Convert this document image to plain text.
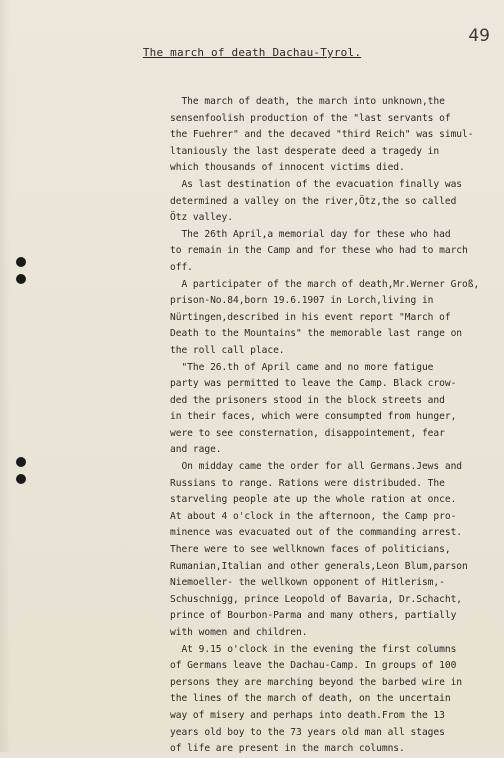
49
The march of death Dachau-Tyrol.
The march of death, the march into unknown,the
sensenfoolish production of the "last servants of
the Fuehrer" and the decaved "third Reich" was simul-
ltaniously the last desperate deed a tragedy in
which thousands of innocent victims died.
As last destination of the evacuation finally was
determined a valley on the river,Ötz,the so called
Ötz valley.
The 26th April,a memorial day for these who had
to remain in the Camp and for these who had to march
off.
A participater of the march of death,Mr.Werner Groß,
prison-No.84,born 19.6.1907 in Lorch,living in
Nürtingen,described in his event report "March of
Death to the Mountains" the memorable last range on
the roll call place.
"The 26.th of April came and no more fatigue
party was permitted to leave the Camp. Black crow-
ded the prisoners stood in the block streets and
in their faces, which were consumpted from hunger,
were to see consternation, disappointement, fear
and rage.
On midday came the order for all Germans.Jews and
Russians to range. Rations were distribuded. The
starveling people ate up the whole ration at once.
At about 4 o'clock in the afternoon, the Camp pro-
minence was evacuated out of the commanding arrest.
There were to see wellknown faces of politicians,
Rumanian,Italian and other generals,Leon Blum,parson
Niemoeller- the wellkown opponent of Hitlerism,-
Schuschnigg, prince Leopold of Bavaria, Dr.Schacht,
prince of Bourbon-Parma and many others, partially
with women and children.
At 9.15 o'clock in the evening the first columns
of Germans leave the Dachau-Camp. In groups of 100
persons they are marching beyond the barbed wire in
the lines of the march of death, on the uncertain
way of misery and perhaps into death.From the 13
years old boy to the 73 years old man all stages
of life are present in the march columns.
